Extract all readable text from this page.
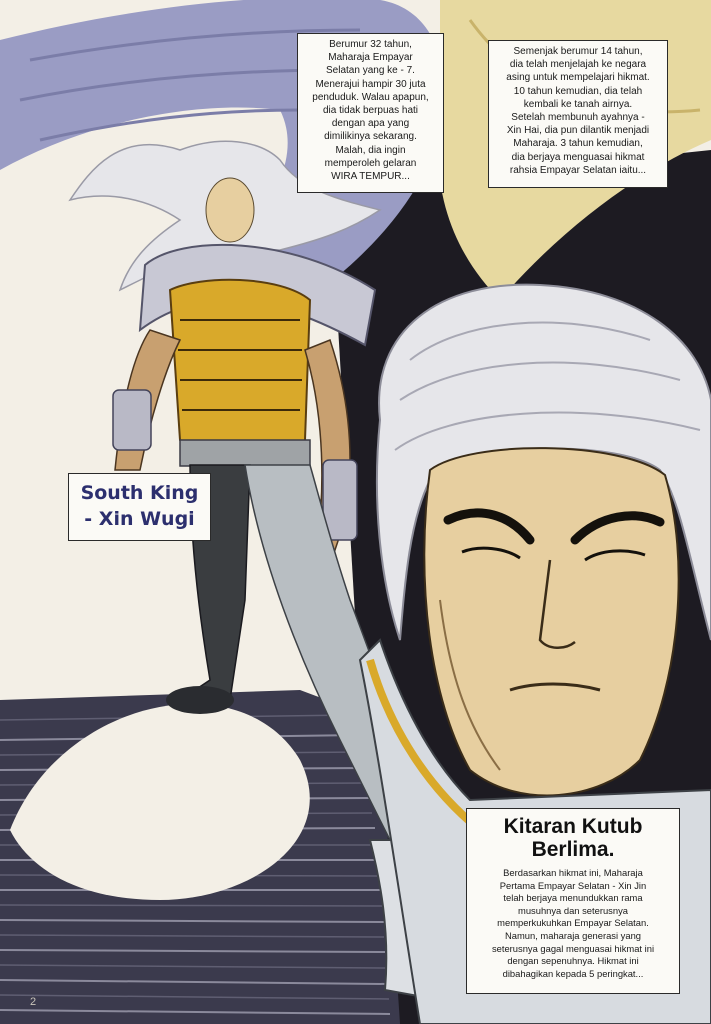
Berumur 32 tahun,
Maharaja Empayar
Selatan yang ke - 7.
Menerajui hampir 30 juta
penduduk. Walau apapun,
dia tidak berpuas hati
dengan apa yang
dimilikinya sekarang.
Malah, dia ingin
memperoleh gelaran
WIRA TEMPUR...
Semenjak berumur 14 tahun,
dia telah menjelajah ke negara
asing untuk mempelajari hikmat.
10 tahun kemudian, dia telah
kembali ke tanah airnya.
Setelah membunuh ayahnya -
Xin Hai, dia pun dilantik menjadi
Maharaja. 3 tahun kemudian,
dia berjaya menguasai hikmat
rahsia Empayar Selatan iaitu...
South King
- Xin Wugi
Kitaran Kutub
Berlima.
Berdasarkan hikmat ini, Maharaja
Pertama Empayar Selatan - Xin Jin
telah berjaya menundukkan rama
musuhnya dan seterusnya
memperkukuhkan Empayar Selatan.
Namun, maharaja generasi yang
seterusnya gagal menguasai hikmat ini
dengan sepenuhnya. Hikmat ini
dibahagikan kepada 5 peringkat...
2
